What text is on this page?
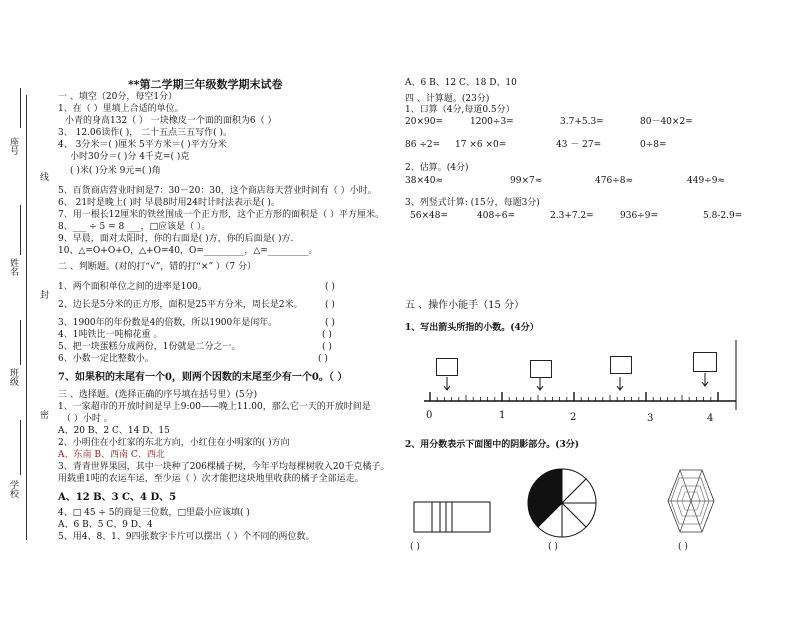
座号
姓名
班级
学校
线
封
密
**第二学期三年级数学期末试卷
一 、填空（20分，每空1分）
1、在（ ）里填上合适的单位。
小青的身高132（ ） 一块橡皮一个面的面积为6（ ）
3、 12.06读作( )， 二十五点三五写作( )。
4、 3分米＝( )厘米 5平方米＝( )平方分米
小时30分＝( )分 4千克=( )克
( )米( )分米 9元=( )角
5、百货商店营业时间是7：30－20：30，这个商店每天营业时间有（ ）小时。
6、 21时是晚上( )时 早晨8时用24时计时法表示是( )。
7、用一根长12厘米的铁丝围成一个正方形，这个正方形的面积是（ ）平方厘米。
8、___ ÷ 5 = 8 ___，□应该是（ ）。
9、早晨，面对太阳时，你的右面是( )方，你的后面是( )方.
10、△=O+O+O，△+O=40，O=_________，△=_________。
二 、判断题。(对的打“√”，错的打“×” ）（7 分）
1、两个面积单位之间的进率是100。	( )
2、边长是5分米的正方形，面积是25平方分米，周长是2米。 ( )
3、1900年的年份数是4的倍数，所以1900年是闰年。	( )
4、1吨铁比一吨棉花重 。	( )
5、把一块蛋糕分成两份，1份就是二分之一。	( )
6、小数一定比整数小。	( )
7、如果积的末尾有一个0，则两个因数的末尾至少有一个0。（ ）
三 、选择题。(选择正确的序号填在括号里）(5分)
1、一家超市的开放时间是早上9:00——晚上11.00，那么它一天的开放时间是
（ ）小时 。
A、20 B、2 C、14 D、15
2、小明住在小红家的东北方向，小红住在小明家的( )方向
A、东南 B、西南 C、西北
3、青青世界果园，其中一块种了206棵橘子树，今年平均每棵树收入20千克橘子。
用载重1吨的农运车运，至少运（ ）次才能把这块地里收获的橘子全部运走。
A、12 B、3 C、4 D、5
4、□ 45 ÷ 5的商是三位数，□里最小应该填( )
A、6 B、5 C、9 D、4
5、用4、8、1、9四张数字卡片可以摆出（ ）个不同的两位数。
A、6 B、12 C、18 D、10
四 、计算题。(23分)
1、口算（4分,每道0.5分）
20×90=	1200÷3=	3.7+5.3=	80－40×2=
86 ÷2= 17 ×6 ×0=	43 － 27=	0÷8=
2、估算。(4分)
38×40≈	99×7≈	476÷8≈	449÷9≈
3、列竖式计算: (15分，每题3分)
56×48=	408÷6=	2.3+7.2=	936÷9=	5.8-2.9=
五 、操作小能手（15 分）
1、写出箭头所指的小数。(4分）
0	1	2	3	4
2、用分数表示下面图中的阴影部分。(3分)
( )	( )	( )
